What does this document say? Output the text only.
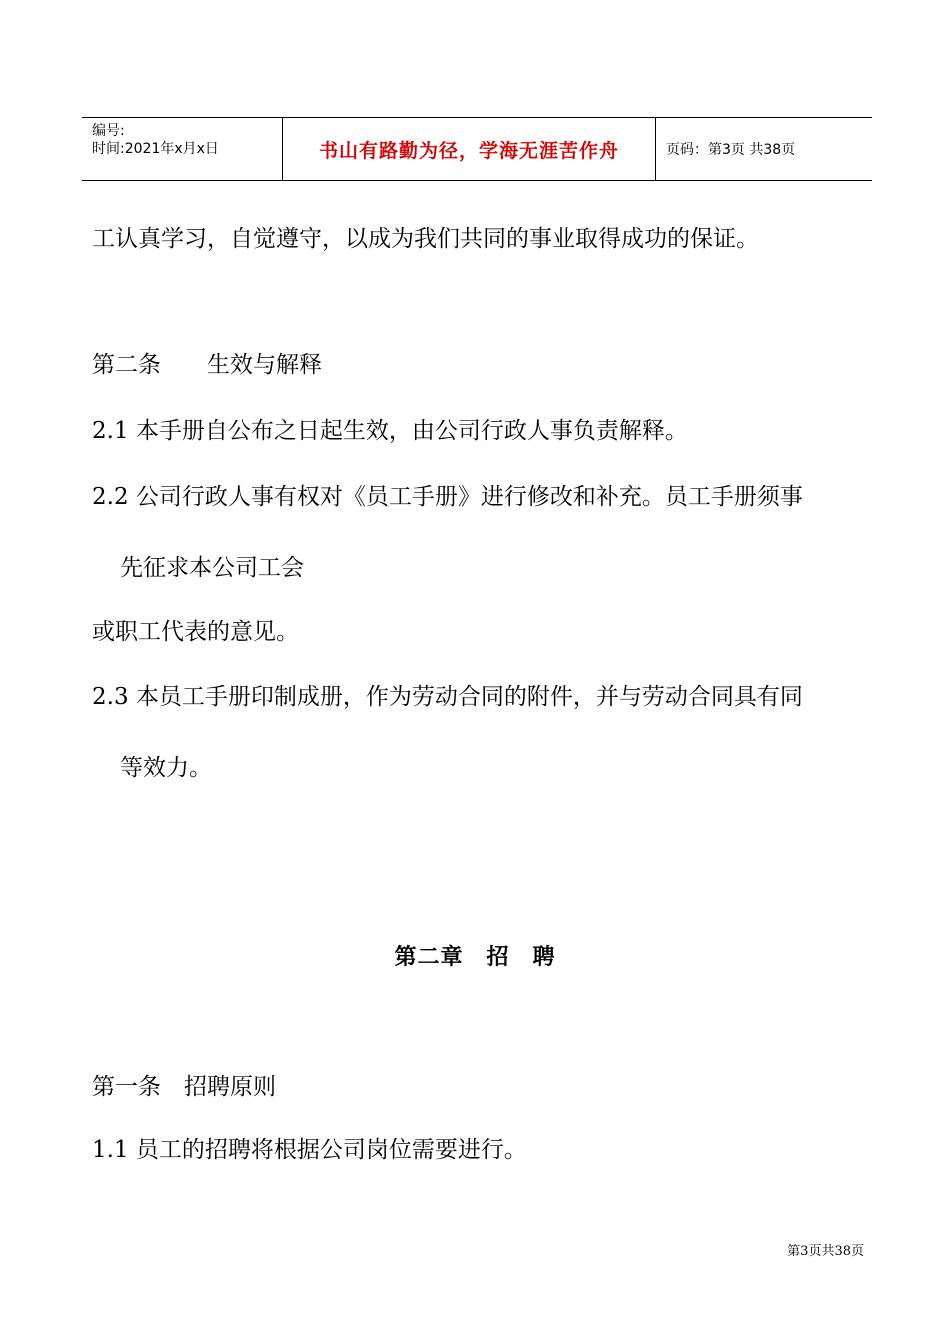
编号:
时间:2021年x月x日	书山有路勤为径，学海无涯苦作舟	页码：第3页 共38页

工认真学习，自觉遵守，以成为我们共同的事业取得成功的保证。

第二条　　生效与解释

2.1 本手册自公布之日起生效，由公司行政人事负责解释。

2.2 公司行政人事有权对《员工手册》进行修改和补充。员工手册须事

先征求本公司工会

或职工代表的意见。

2.3 本员工手册印制成册，作为劳动合同的附件，并与劳动合同具有同

等效力。

第二章　招　聘

第一条　招聘原则

1.1 员工的招聘将根据公司岗位需要进行。

第3页共38页
